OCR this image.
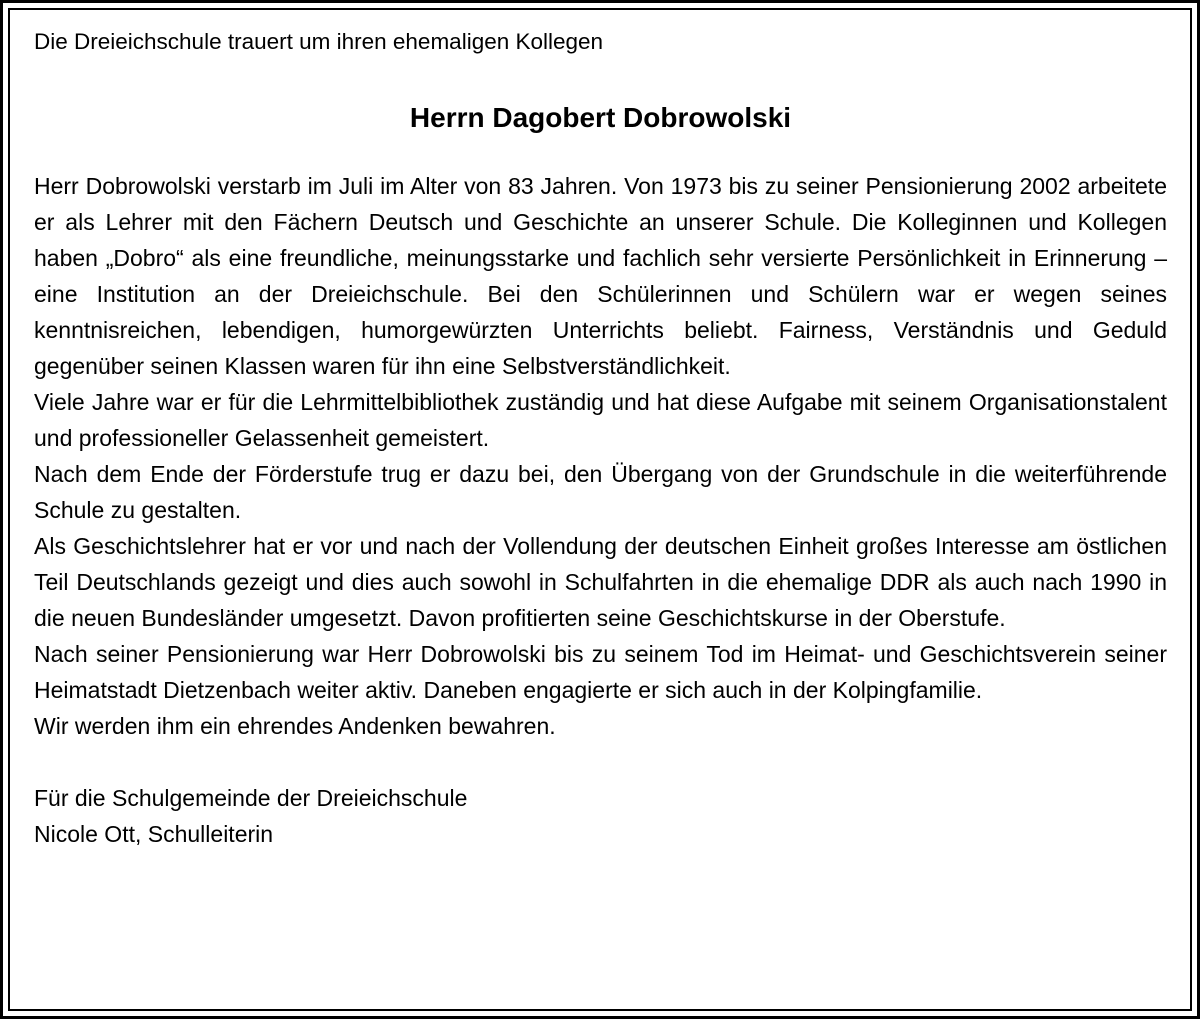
Die Dreieichschule trauert um ihren ehemaligen Kollegen

Herrn Dagobert Dobrowolski

Herr Dobrowolski verstarb im Juli im Alter von 83 Jahren. Von 1973 bis zu seiner Pensionierung 2002 arbeitete er als Lehrer mit den Fächern Deutsch und Geschichte an unserer Schule. Die Kolleginnen und Kollegen haben „Dobro“ als eine freundliche, meinungsstarke und fachlich sehr versierte Persönlichkeit in Erinnerung – eine Institution an der Dreieichschule. Bei den Schülerinnen und Schülern war er wegen seines kenntnisreichen, lebendigen, humorgewürzten Unterrichts beliebt. Fairness, Verständnis und Geduld gegenüber seinen Klassen waren für ihn eine Selbstverständlichkeit.

Viele Jahre war er für die Lehrmittelbibliothek zuständig und hat diese Aufgabe mit seinem Organisationstalent und professioneller Gelassenheit gemeistert.

Nach dem Ende der Förderstufe trug er dazu bei, den Übergang von der Grundschule in die weiterführende Schule zu gestalten.

Als Geschichtslehrer hat er vor und nach der Vollendung der deutschen Einheit großes Interesse am östlichen Teil Deutschlands gezeigt und dies auch sowohl in Schulfahrten in die ehemalige DDR als auch nach 1990 in die neuen Bundesländer umgesetzt. Davon profitierten seine Geschichtskurse in der Oberstufe.

Nach seiner Pensionierung war Herr Dobrowolski bis zu seinem Tod im Heimat- und Geschichtsverein seiner Heimatstadt Dietzenbach weiter aktiv. Daneben engagierte er sich auch in der Kolpingfamilie.

Wir werden ihm ein ehrendes Andenken bewahren.

Für die Schulgemeinde der Dreieichschule

Nicole Ott, Schulleiterin
